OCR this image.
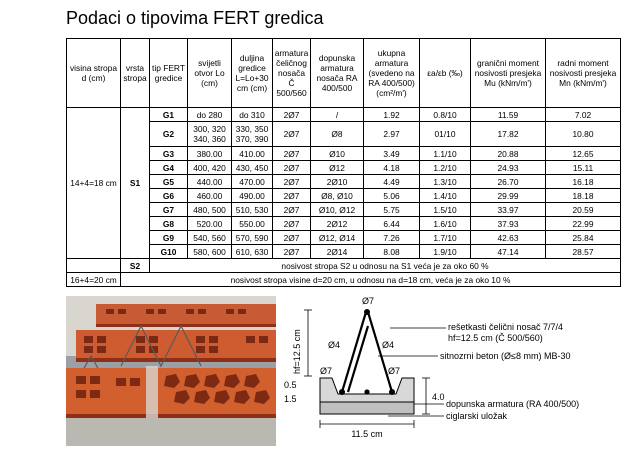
Podaci o tipovima FERT gredica
visina stropa d (cm)	vrsta stropa	tip FERT gredice	svijetli otvor Lo (cm)	duljina gredice L=Lo+30 cm (cm)	armatura čeličnog nosača Č 500/560	dopunska armatura nosača RA 400/500	ukupna armatura (svedeno na RA 400/500) (cm²/m')	εa/εb (‰)	granični moment nosivosti presjeka Mu (kNm/m')	radni moment nosivosti presjeka Mn (kNm/m')
14+4=18 cm	S1	G1	do 280	do 310	2Ø7	/	1.92	0.8/10	11.59	7.02
		G2	300, 320 340, 360	330, 350 370, 390	2Ø7	Ø8	2.97	01/10	17.82	10.80
		G3	380.00	410.00	2Ø7	Ø10	3.49	1.1/10	20.88	12.65
		G4	400, 420	430, 450	2Ø7	Ø12	4.18	1.2/10	24.93	15.11
		G5	440.00	470.00	2Ø7	2Ø10	4.49	1.3/10	26.70	16.18
		G6	460.00	490.00	2Ø7	Ø8, Ø10	5.06	1.4/10	29.99	18.18
		G7	480, 500	510, 530	2Ø7	Ø10, Ø12	5.75	1.5/10	33.97	20.59
		G8	520.00	550.00	2Ø7	2Ø12	6.44	1.6/10	37.93	22.99
		G9	540, 560	570, 590	2Ø7	Ø12, Ø14	7.26	1.7/10	42.63	25.84
		G10	580, 600	610, 630	2Ø7	2Ø14	8.08	1.9/10	47.14	28.57
	S2	nosivost stropa S2 u odnosu na S1 veća je za oko 60 %								
16+4=20 cm	nosivost stropa visine d=20 cm, u odnosu na d=18 cm, veća je za oko 10 %									
Ø7
Ø4	Ø4
Ø7	Ø7
hf=12.5 cm
0.5
1.5	4.0
11.5 cm
rešetkasti čelični nosač 7/7/4
hf=12.5 cm (Č 500/560)
sitnozrni beton (Ø≤8 mm) MB-30
dopunska armatura (RA 400/500)
ciglarski uložak
